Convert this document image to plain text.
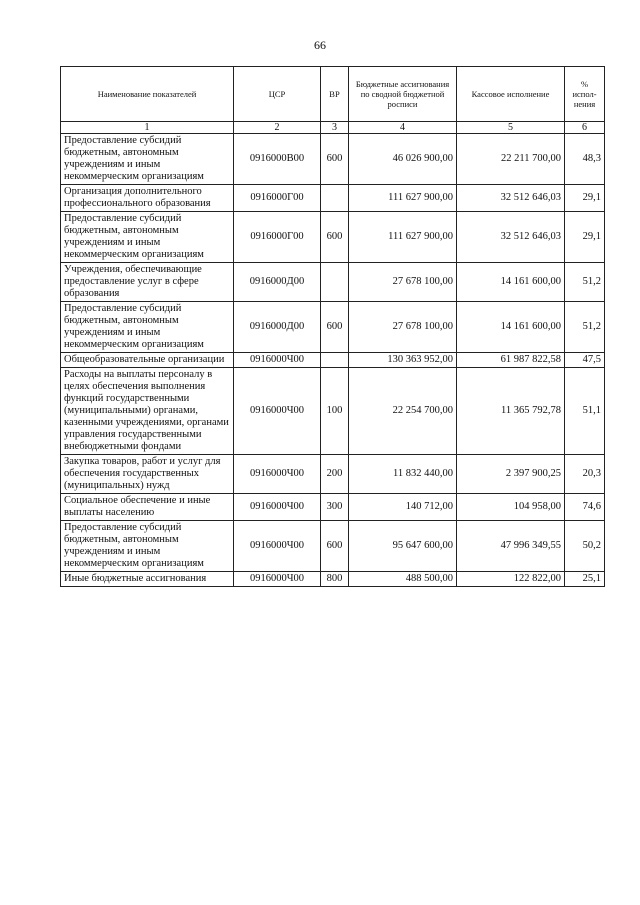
66
Наименование показателей	ЦСР	ВР	Бюджетные ассигнования по сводной бюджетной росписи	Кассовое исполнение	% испол-нения
1	2	3	4	5	6
Предоставление субсидий бюджетным, автономным учреждениям и иным некоммерческим организациям	0916000В00	600	46 026 900,00	22 211 700,00	48,3
Организация дополнительного профессионального образования	0916000Г00		111 627 900,00	32 512 646,03	29,1
Предоставление субсидий бюджетным, автономным учреждениям и иным некоммерческим организациям	0916000Г00	600	111 627 900,00	32 512 646,03	29,1
Учреждения, обеспечивающие предоставление услуг в сфере образования	0916000Д00		27 678 100,00	14 161 600,00	51,2
Предоставление субсидий бюджетным, автономным учреждениям и иным некоммерческим организациям	0916000Д00	600	27 678 100,00	14 161 600,00	51,2
Общеобразовательные организации	0916000Ч00		130 363 952,00	61 987 822,58	47,5
Расходы на выплаты персоналу в целях обеспечения выполнения функций государственными (муниципальными) органами, казенными учреждениями, органами управления государственными внебюджетными фондами	0916000Ч00	100	22 254 700,00	11 365 792,78	51,1
Закупка товаров, работ и услуг для обеспечения государственных (муниципальных) нужд	0916000Ч00	200	11 832 440,00	2 397 900,25	20,3
Социальное обеспечение и иные выплаты населению	0916000Ч00	300	140 712,00	104 958,00	74,6
Предоставление субсидий бюджетным, автономным учреждениям и иным некоммерческим организациям	0916000Ч00	600	95 647 600,00	47 996 349,55	50,2
Иные бюджетные ассигнования	0916000Ч00	800	488 500,00	122 822,00	25,1
